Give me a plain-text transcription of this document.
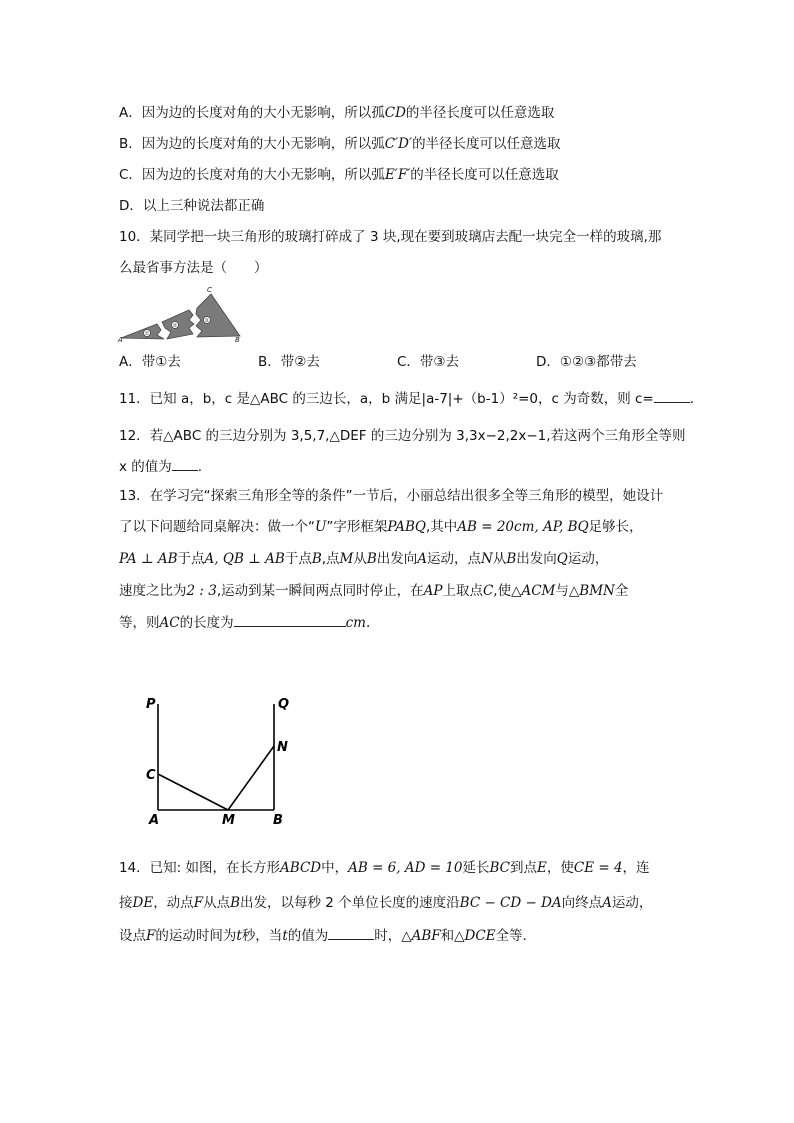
A．因为边的长度对角的大小无影响，所以孤CD的半径长度可以任意选取
B．因为边的长度对角的大小无影响，所以弧C′D′的半径长度可以任意选取
C．因为边的长度对角的大小无影响，所以弧E′F′的半径长度可以任意选取
D．以上三种说法都正确
10．某同学把一块三角形的玻璃打碎成了 3 块,现在要到玻璃店去配一块完全一样的玻璃,那
么最省事方法是（　　）
①
②
③
A	B
C
A．带①去	B．带②去	C．带③去	D．①②③都带去
11．已知 a，b，c 是△ABC 的三边长，a，b 满足|a-7|+（b-1）²=0，c 为奇数，则 c=	.
12．若△ABC 的三边分别为 3,5,7,△DEF 的三边分别为 3,3x−2,2x−1,若这两个三角形全等则
x 的值为 .
13．在学习完“探索三角形全等的条件”一节后，小丽总结出很多全等三角形的模型，她设计
了以下问题给同桌解决：做一个“U”字形框架PABQ,其中AB = 20cm, AP, BQ足够长，
PA ⊥ AB于点A, QB ⊥ AB于点B,点M从B出发向A运动，点N从B出发向Q运动，
速度之比为2 : 3,运动到某一瞬间两点同时停止，在AP上取点C,使△ACM与△BMN全
等，则AC的长度为	cm.
P	Q
N
C
A	M	B
14．已知: 如图，在长方形ABCD中，AB = 6, AD = 10延长BC到点E，使CE = 4，连
接DE，动点F从点B出发，以每秒 2 个单位长度的速度沿BC − CD − DA向终点A运动，
设点F的运动时间为t秒，当t的值为	时，△ABF和△DCE全等.
